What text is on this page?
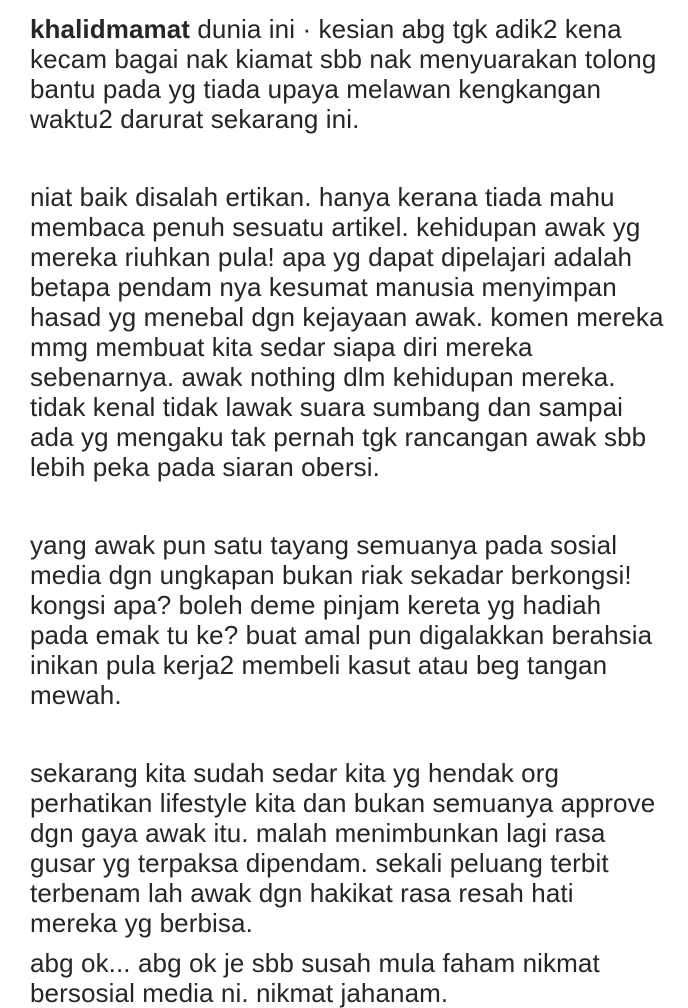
khalidmamat dunia ini · kesian abg tgk adik2 kena
kecam bagai nak kiamat sbb nak menyuarakan tolong
bantu pada yg tiada upaya melawan kengkangan
waktu2 darurat sekarang ini.
niat baik disalah ertikan. hanya kerana tiada mahu
membaca penuh sesuatu artikel. kehidupan awak yg
mereka riuhkan pula! apa yg dapat dipelajari adalah
betapa pendam nya kesumat manusia menyimpan
hasad yg menebal dgn kejayaan awak. komen mereka
mmg membuat kita sedar siapa diri mereka
sebenarnya. awak nothing dlm kehidupan mereka.
tidak kenal tidak lawak suara sumbang dan sampai
ada yg mengaku tak pernah tgk rancangan awak sbb
lebih peka pada siaran obersi.
yang awak pun satu tayang semuanya pada sosial
media dgn ungkapan bukan riak sekadar berkongsi!
kongsi apa? boleh deme pinjam kereta yg hadiah
pada emak tu ke? buat amal pun digalakkan berahsia
inikan pula kerja2 membeli kasut atau beg tangan
mewah.
sekarang kita sudah sedar kita yg hendak org
perhatikan lifestyle kita dan bukan semuanya approve
dgn gaya awak itu. malah menimbunkan lagi rasa
gusar yg terpaksa dipendam. sekali peluang terbit
terbenam lah awak dgn hakikat rasa resah hati
mereka yg berbisa.
abg ok... abg ok je sbb susah mula faham nikmat
bersosial media ni. nikmat jahanam.
